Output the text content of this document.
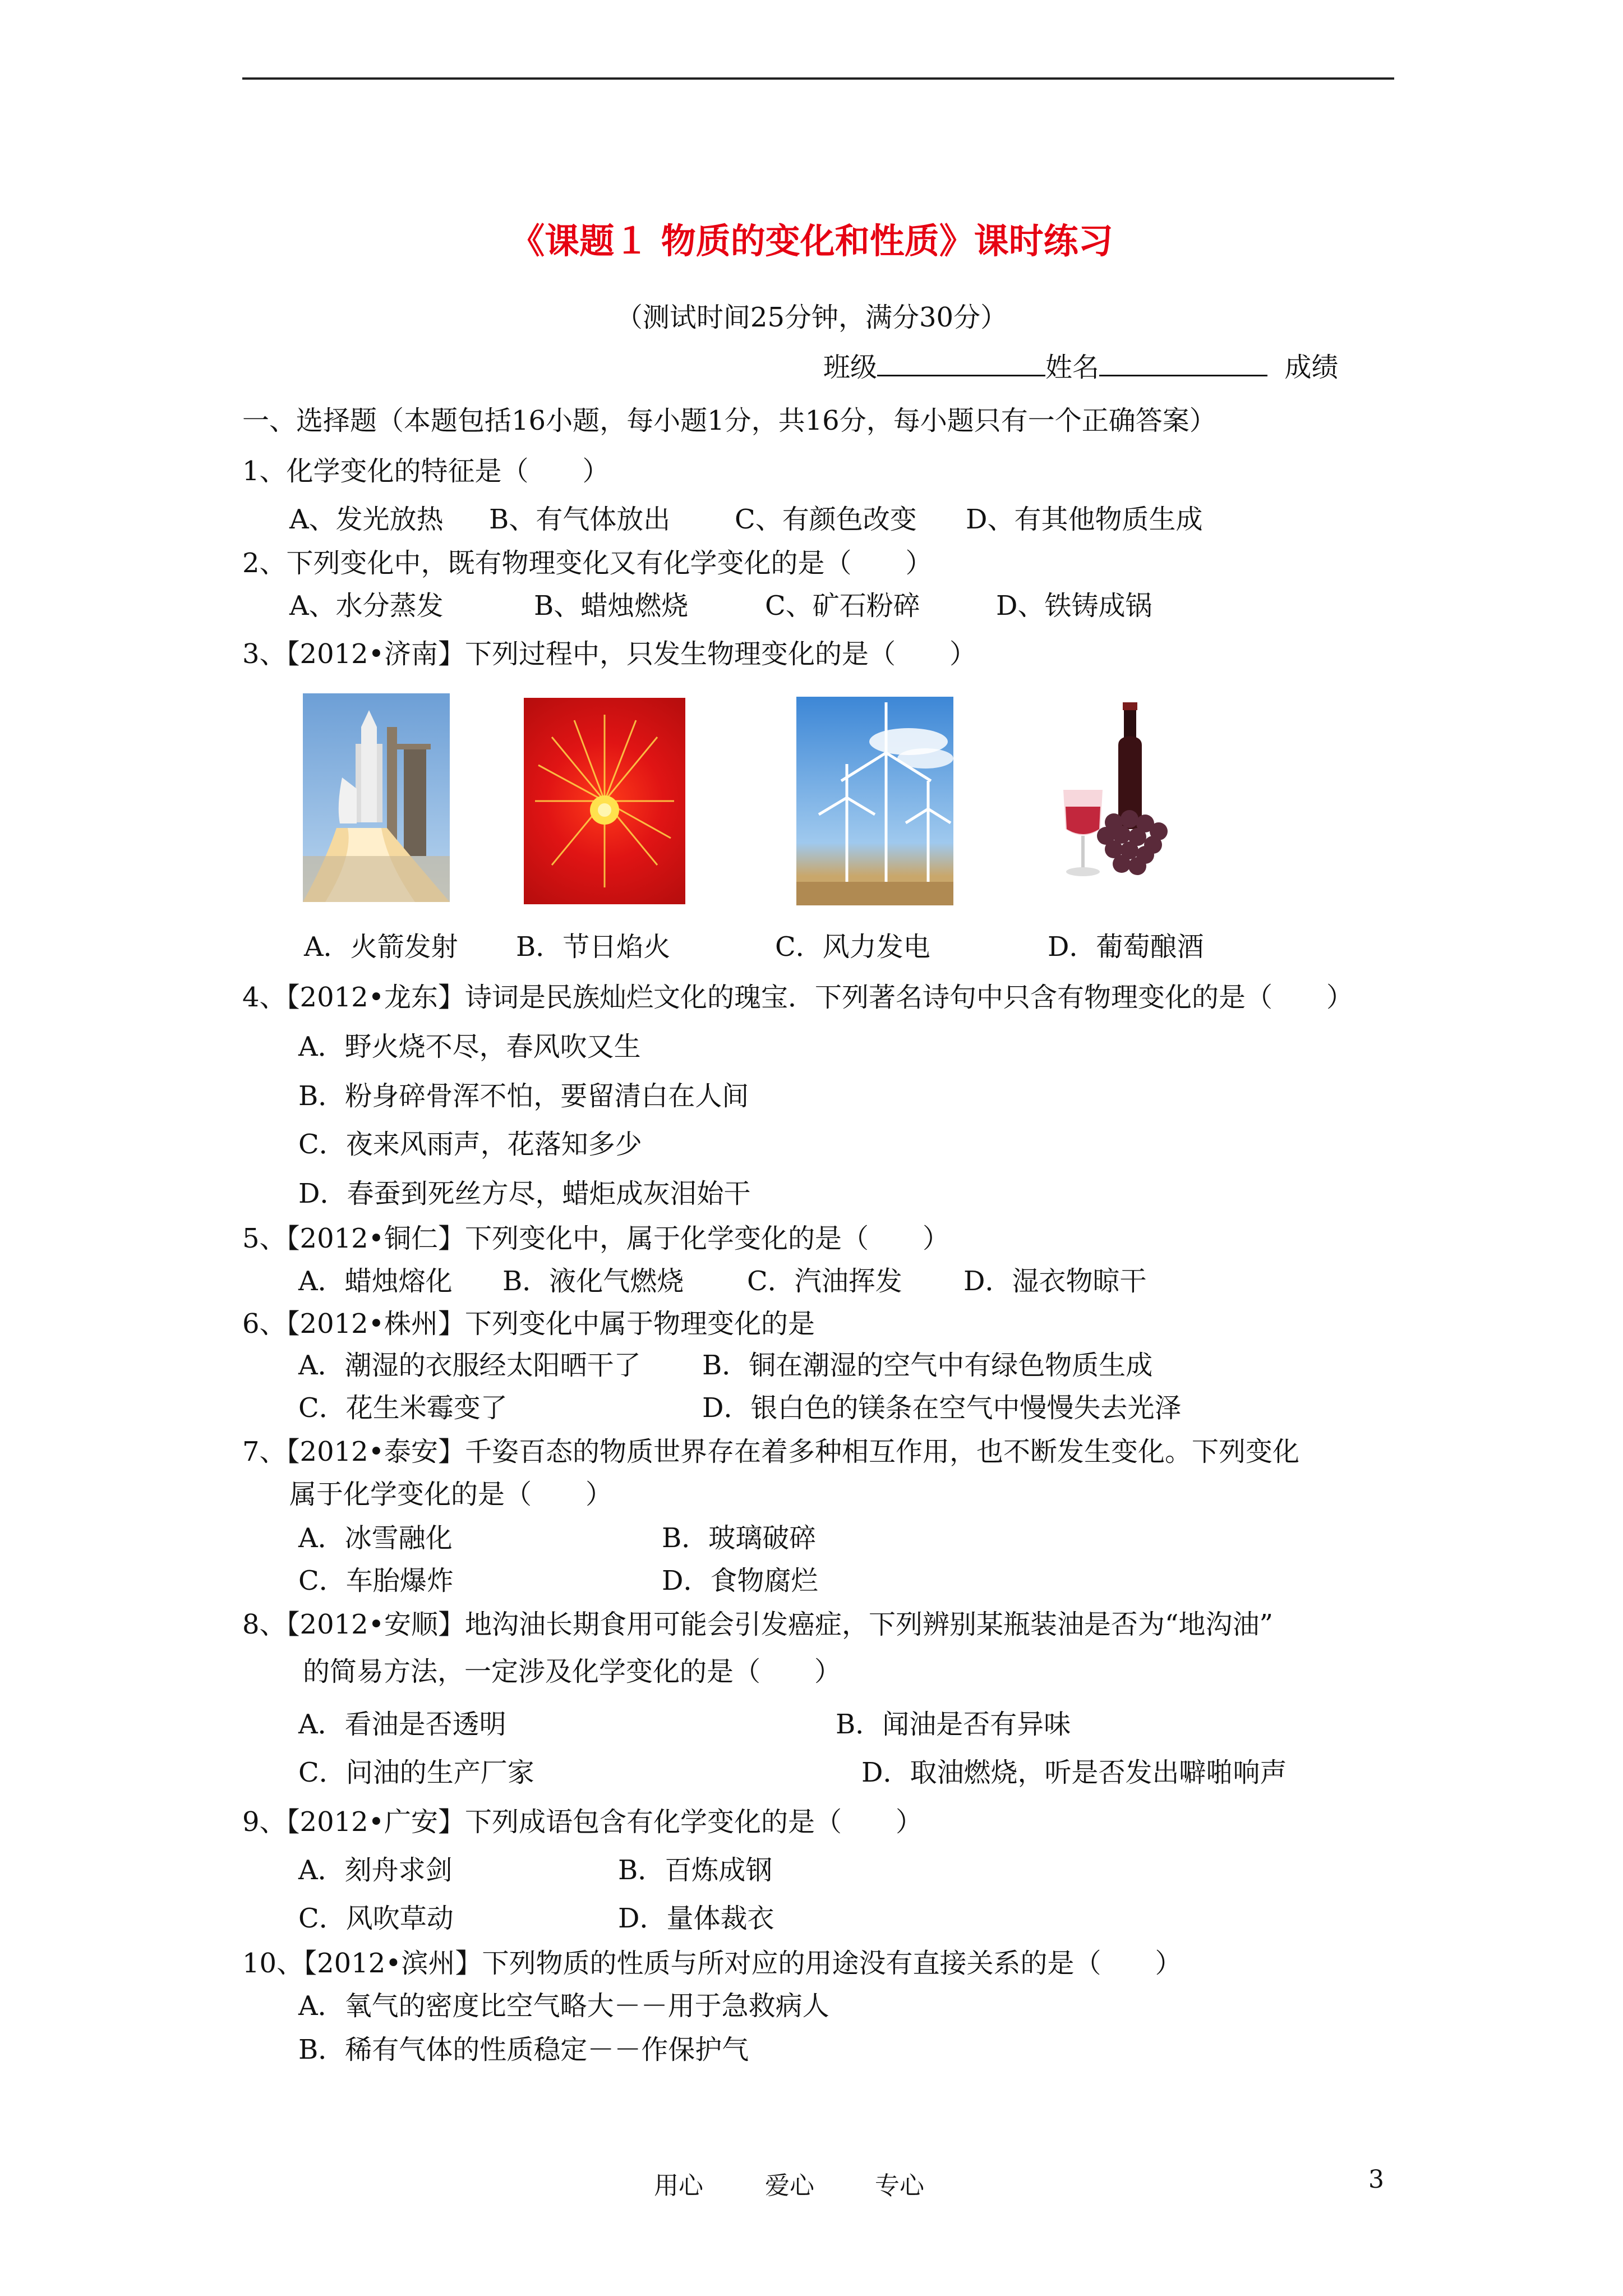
《课题１ 物质的变化和性质》课时练习
（测试时间25分钟，满分30分）
班级	姓名	成绩
一、选择题（本题包括16小题，每小题1分，共16分，每小题只有一个正确答案）
1、化学变化的特征是（　　）
A、发光放热 B、有气体放出 C、有颜色改变 D、有其他物质生成
2、下列变化中，既有物理变化又有化学变化的是（　　）
A、水分蒸发	B、蜡烛燃烧	C、矿石粉碎	D、铁铸成锅
3、【2012•济南】下列过程中，只发生物理变化的是（　　）
A．火箭发射 B．节日焰火	C．风力发电	D．葡萄酿酒
4、【2012•龙东】诗词是民族灿烂文化的瑰宝．下列著名诗句中只含有物理变化的是（　　）
A．野火烧不尽，春风吹又生
B．粉身碎骨浑不怕，要留清白在人间
C．夜来风雨声，花落知多少
D．春蚕到死丝方尽，蜡炬成灰泪始干
5、【2012•铜仁】下列变化中，属于化学变化的是（　　）
A．蜡烛熔化 B．液化气燃烧 C．汽油挥发 D．湿衣物晾干
6、【2012•株州】下列变化中属于物理变化的是
A．潮湿的衣服经太阳晒干了 B．铜在潮湿的空气中有绿色物质生成
C．花生米霉变了	D．银白色的镁条在空气中慢慢失去光泽
7、【2012•泰安】千姿百态的物质世界存在着多种相互作用，也不断发生变化。下列变化
属于化学变化的是（　　）
A．冰雪融化	B．玻璃破碎
C．车胎爆炸	D．食物腐烂
8、【2012•安顺】地沟油长期食用可能会引发癌症，下列辨别某瓶装油是否为“地沟油”
的简易方法，一定涉及化学变化的是（　　）
A．看油是否透明	B．闻油是否有异味
C．问油的生产厂家	D．取油燃烧，听是否发出噼啪响声
9、【2012•广安】下列成语包含有化学变化的是（　　）
A．刻舟求剑	B．百炼成钢
C．风吹草动	D．量体裁衣
10、【2012•滨州】下列物质的性质与所对应的用途没有直接关系的是（　　）
A．氧气的密度比空气略大－－用于急救病人
B．稀有气体的性质稳定－－作保护气
用心	爱心 专心	3
